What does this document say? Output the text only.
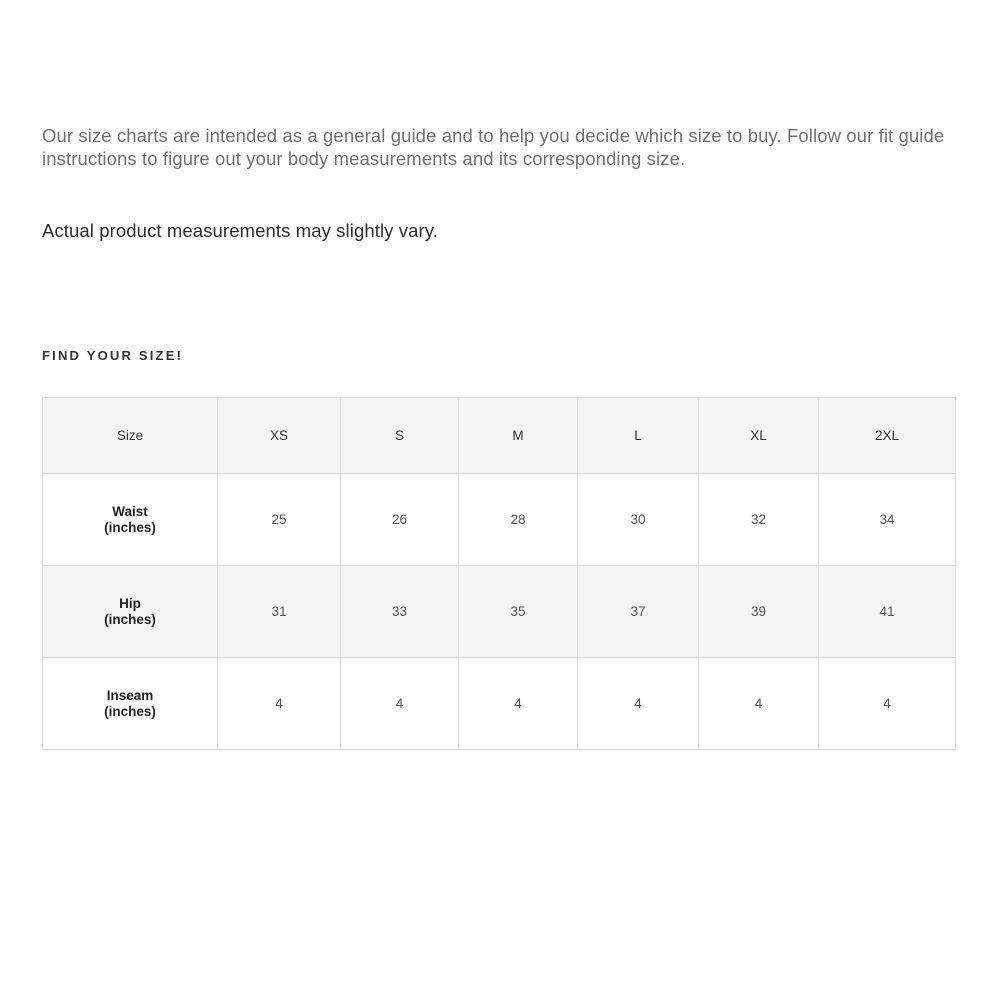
Our size charts are intended as a general guide and to help you decide which size to buy. Follow our fit guide instructions to figure out your body measurements and its corresponding size.

Actual product measurements may slightly vary.

FIND YOUR SIZE!
Size	XS	S	M	L	XL	2XL

Waist
(inches)	25	26	28	30	32	34

Hip
(inches)	31	33	35	37	39	41

Inseam
(inches)	4	4	4	4	4	4
